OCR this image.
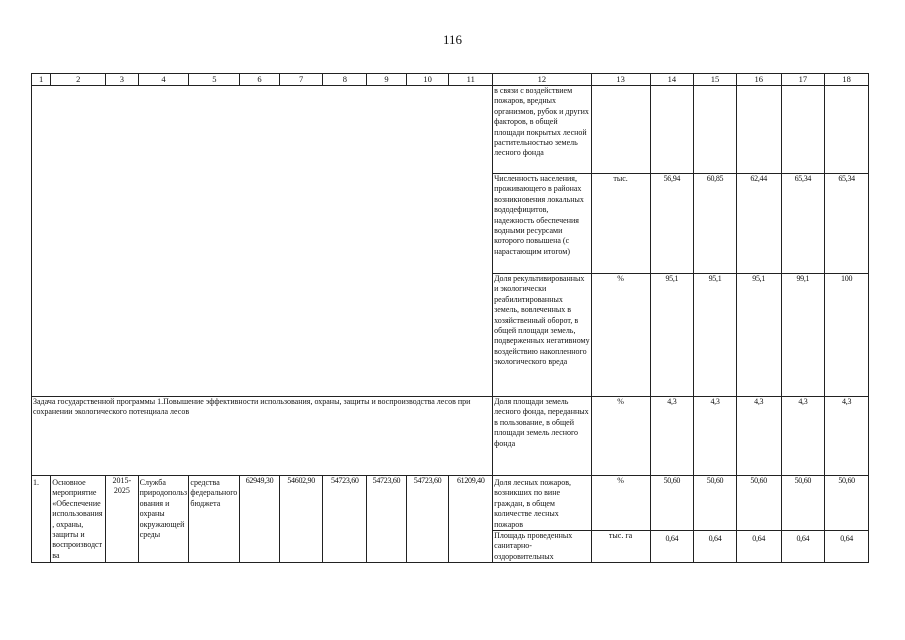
116
1	2	3	4	5	6	7	8	9	10	11	12	13	14	15	16	17	18
											в связи с воздействием пожаров, вредных организмов, рубок и других факторов, в общей площади покрытых лесной растительностью земель лесного фонда						
											Численность населения, проживающего в районах возникновения локальных вододефицитов, надежность обеспечения водными ресурсами которого повышена (с нарастающим итогом)	тыс.	56,94	60,85	62,44	65,34	65,34
											Доля рекультивированных и экологически реабилитированных земель, вовлеченных в хозяйственный оборот, в общей площади земель, подверженных негативному воздействию накопленного экологического вреда	%	95,1	95,1	95,1	99,1	100
Задача государственной программы 1.Повышение эффективности использования, охраны, защиты и воспроизводства лесов при сохранении экологического потенциала лесов											Доля площади земель лесного фонда, переданных в пользование, в общей площади земель лесного фонда	%	4,3	4,3	4,3	4,3	4,3
1.	Основное мероприятие «Обеспечение использования, охраны, защиты и воспроизводства	2015-2025	Служба природопользования и охраны окружающей среды	средства федерального бюджета	62949,30	54602,90	54723,60	54723,60	54723,60	61209,40	Доля лесных пожаров, возникших по вине граждан, в общем количестве лесных пожаров	%	50,60	50,60	50,60	50,60	50,60
											Площадь проведенных санитарно-оздоровительных	тыс. га	0,64	0,64	0,64	0,64	0,64
